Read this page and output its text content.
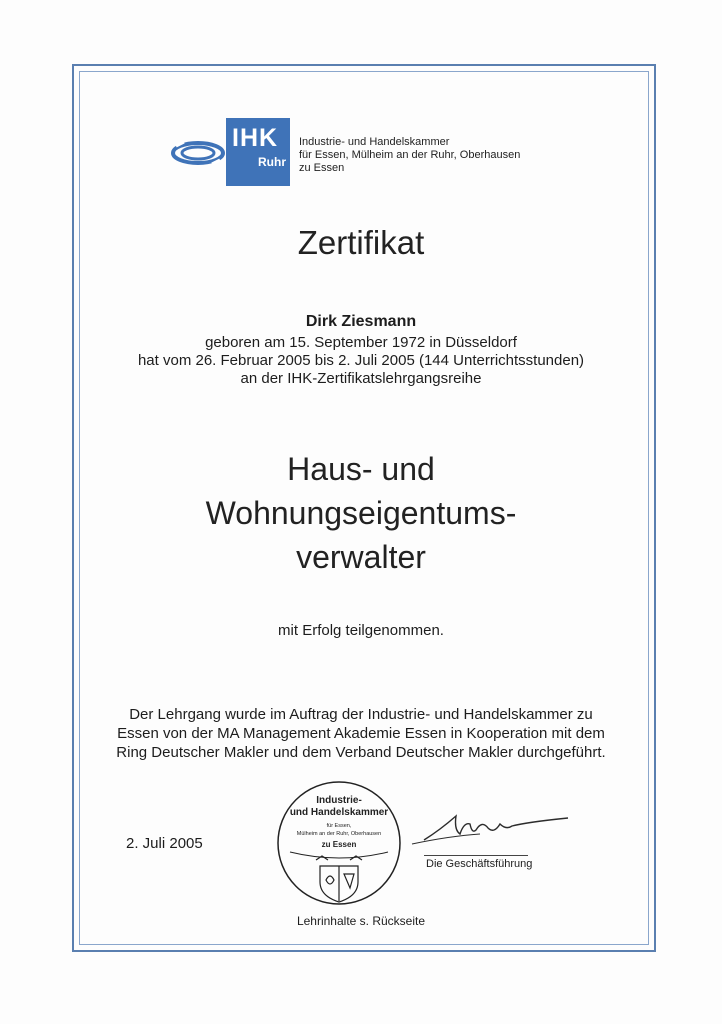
IHK
Ruhr
Industrie- und Handelskammer
für Essen, Mülheim an der Ruhr, Oberhausen
zu Essen
Zertifikat
Dirk Ziesmann
geboren am 15. September 1972 in Düsseldorf
hat vom 26. Februar 2005 bis 2. Juli 2005 (144 Unterrichtsstunden)
an der IHK-Zertifikatslehrgangsreihe
Haus- und
Wohnungseigentums-
verwalter
mit Erfolg teilgenommen.
Der Lehrgang wurde im Auftrag der Industrie- und Handelskammer zu
Essen von der MA Management Akademie Essen in Kooperation mit dem
Ring Deutscher Makler und dem Verband Deutscher Makler durchgeführt.
2. Juli 2005
Industrie-
und Handelskammer
für Essen,
Mülheim an der Ruhr, Oberhausen
zu Essen
Die Geschäftsführung
Lehrinhalte s. Rückseite
